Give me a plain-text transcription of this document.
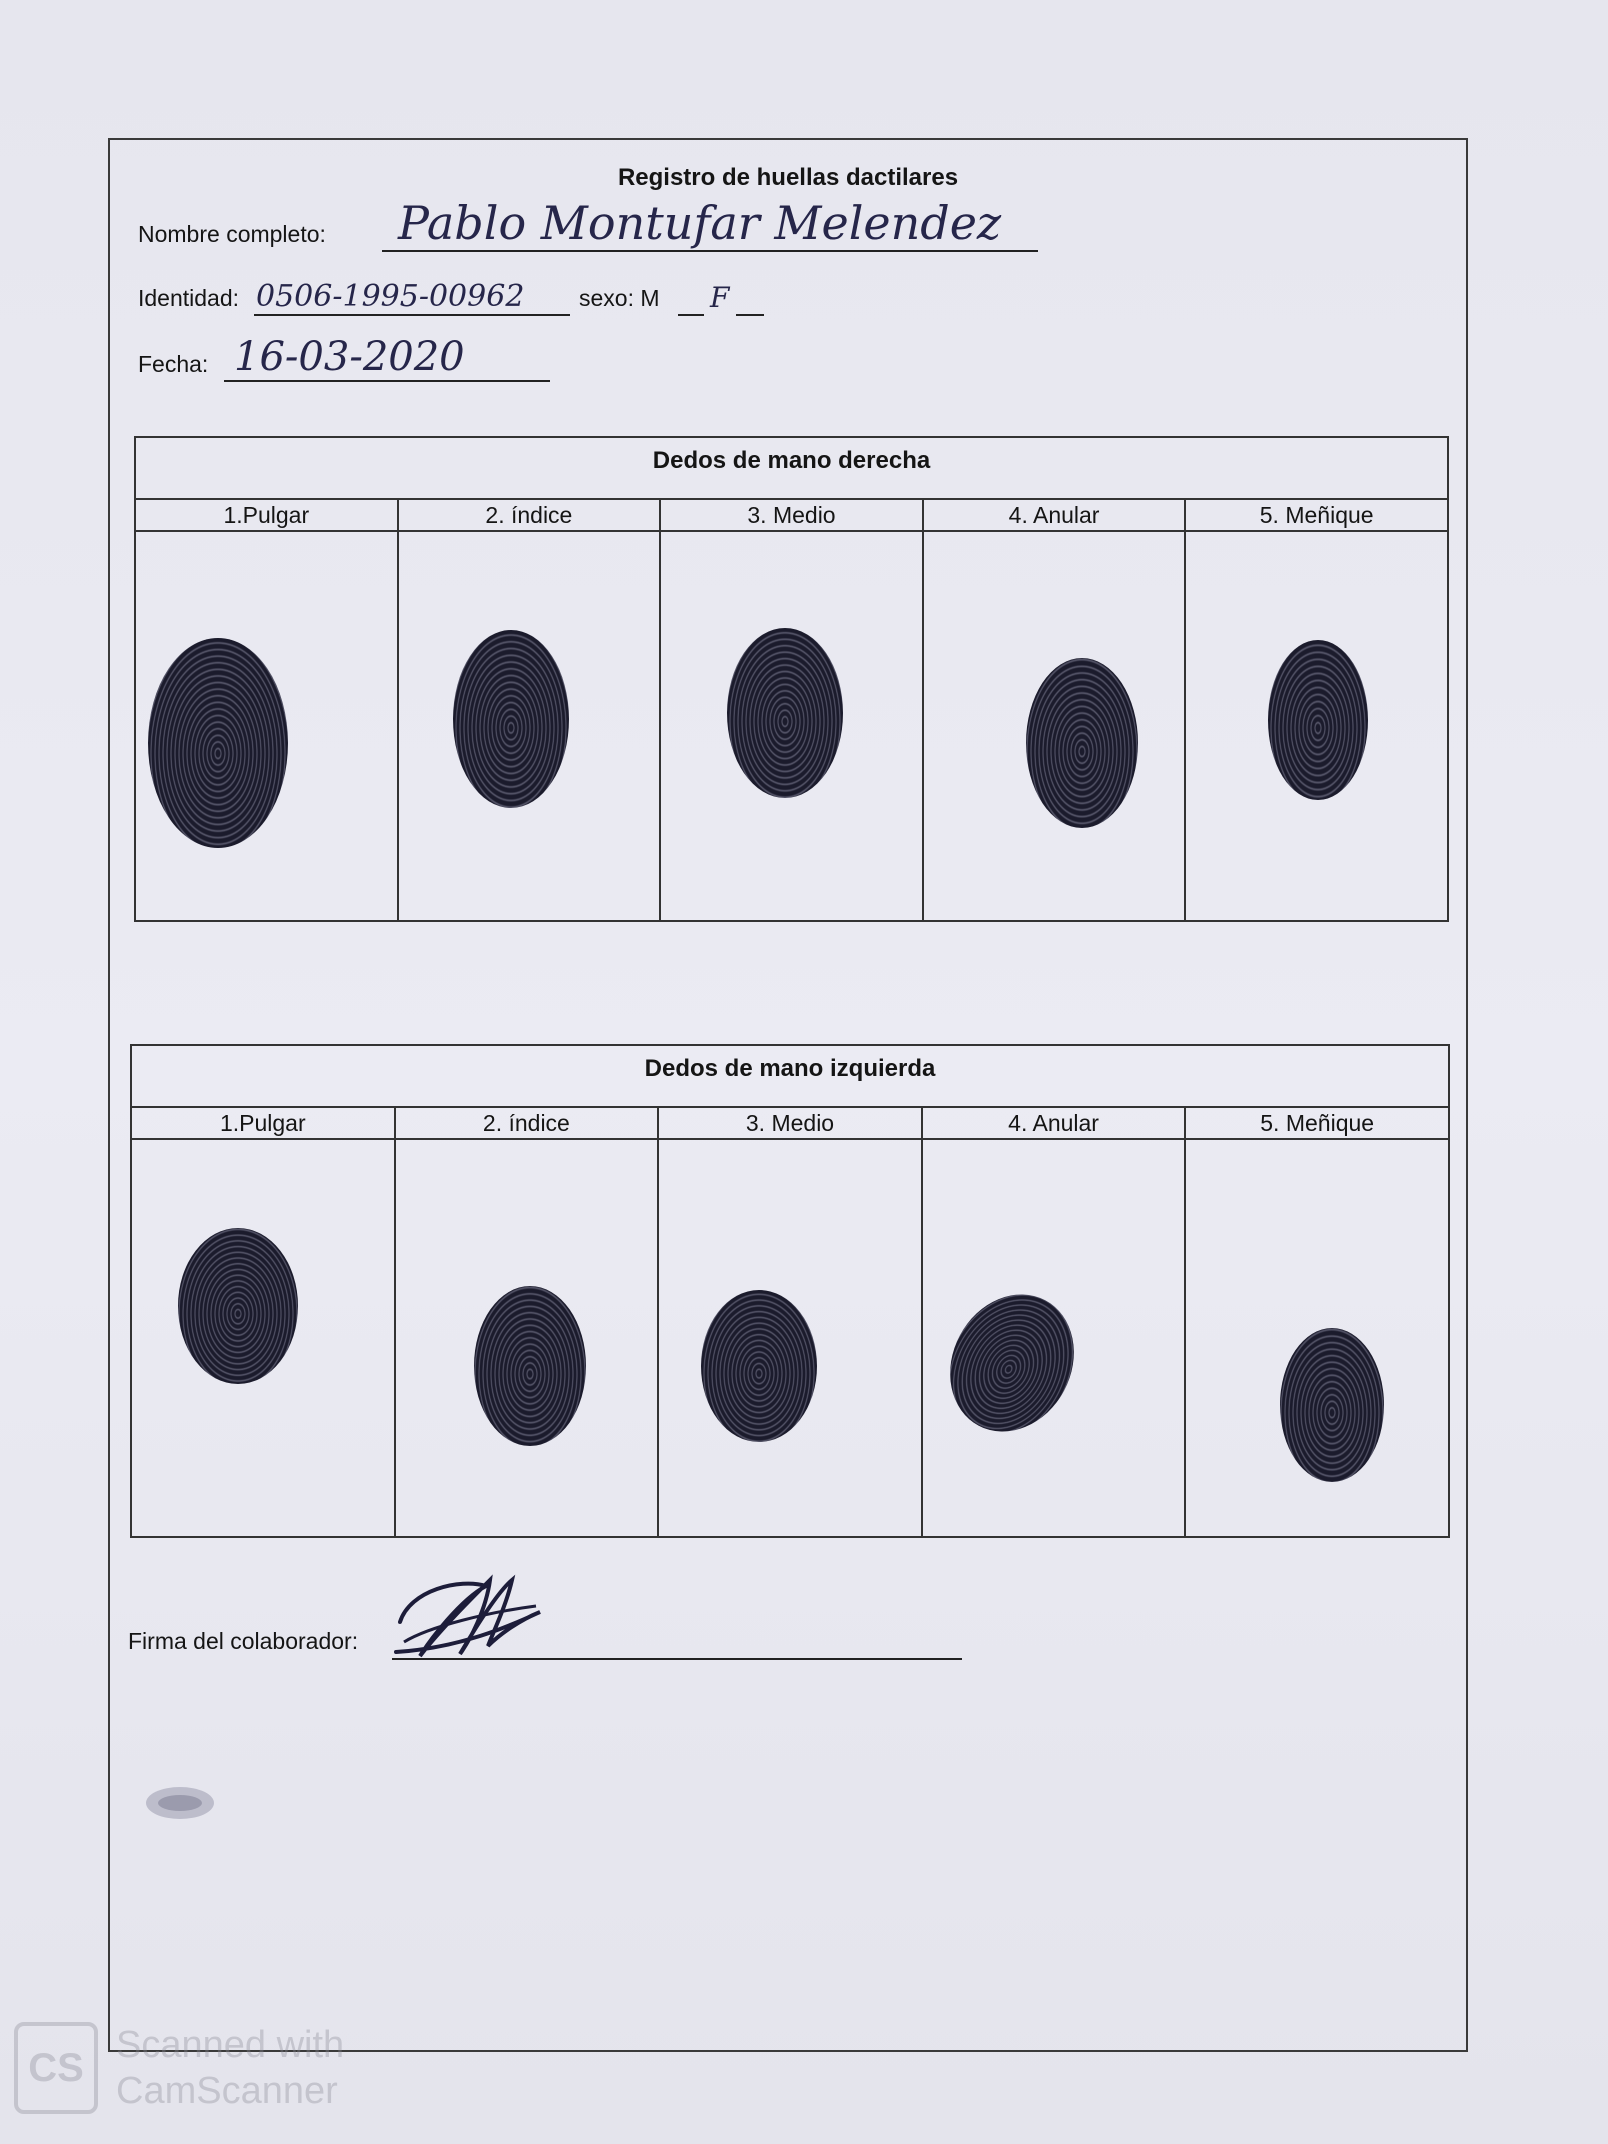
Registro de huellas dactilares
Nombre completo: Pablo Montufar Melendez
Identidad: 0506-1995-00962 sexo: M F
Fecha: 16-03-2020
Dedos de mano derecha
1.Pulgar	2. índice	3. Medio	4. Anular	5. Meñique
Dedos de mano izquierda
1.Pulgar	2. índice	3. Medio	4. Anular	5. Meñique
Firma del colaborador:
CS
Scanned with
CamScanner
